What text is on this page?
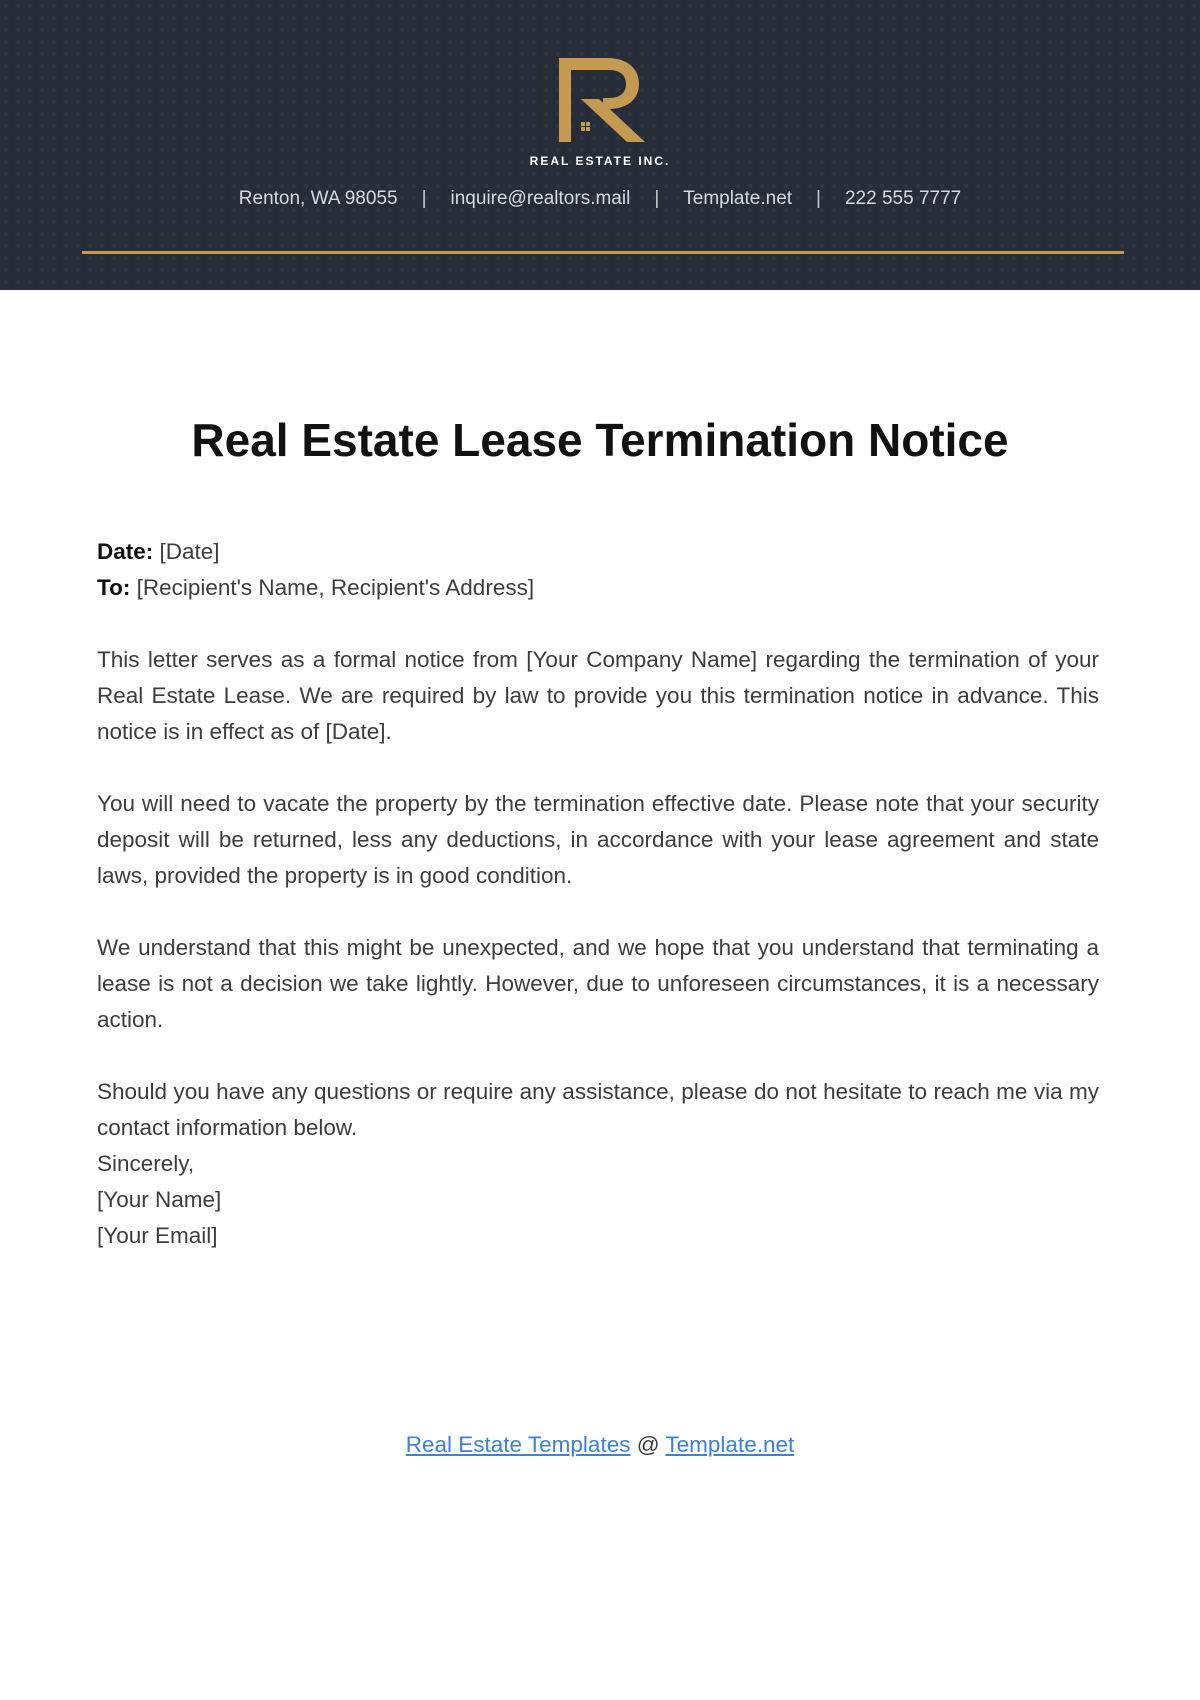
REAL ESTATE INC.
Renton, WA 98055 | inquire@realtors.mail | Template.net | 222 555 7777
Real Estate Lease Termination Notice

Date: [Date]

To: [Recipient's Name, Recipient's Address]

This letter serves as a formal notice from [Your Company Name] regarding the termination of your Real Estate Lease. We are required by law to provide you this termination notice in advance. This notice is in effect as of [Date].

You will need to vacate the property by the termination effective date. Please note that your security deposit will be returned, less any deductions, in accordance with your lease agreement and state laws, provided the property is in good condition.

We understand that this might be unexpected, and we hope that you understand that terminating a lease is not a decision we take lightly. However, due to unforeseen circumstances, it is a necessary action.

Should you have any questions or require any assistance, please do not hesitate to reach me via my contact information below.

Sincerely,

[Your Name]

[Your Email]

Real Estate Templates @ Template.net
